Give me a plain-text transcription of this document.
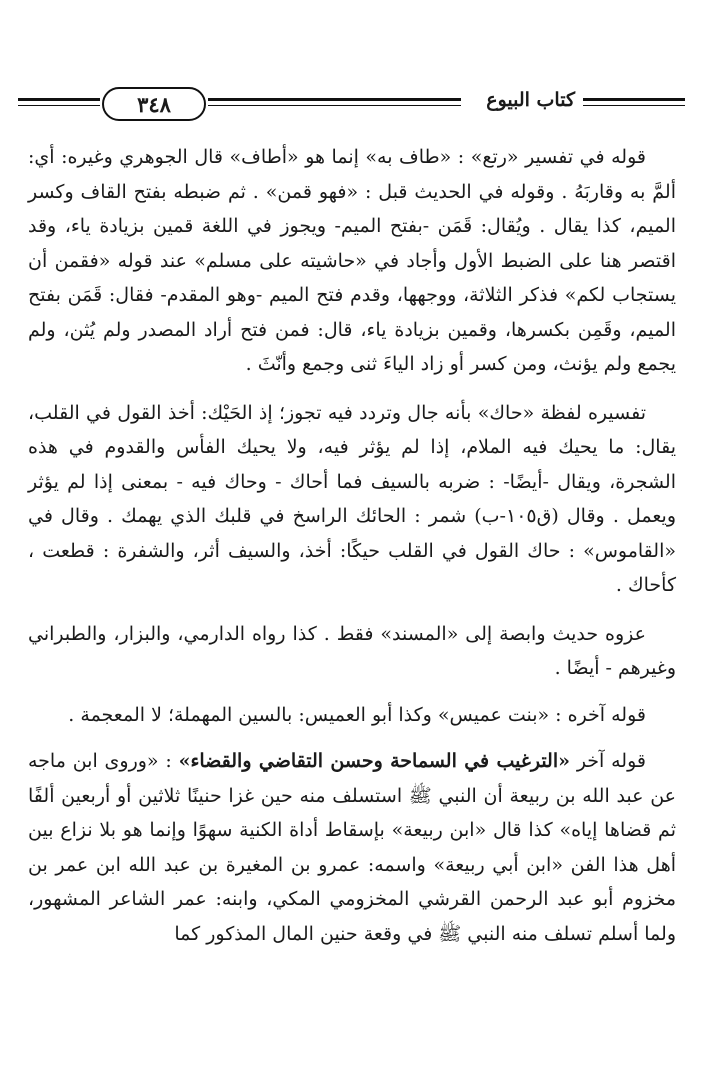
٣٤٨	كتاب البيوع

قوله في تفسير «رتع» : «طاف به» إنما هو «أطاف» قال الجوهري وغيره: أي: ألمَّ به وقاربَهُ . وقوله في الحديث قبل : «فهو قمن» . ثم ضبطه بفتح القاف وكسر الميم، كذا يقال . ويُقال: قَمَن -بفتح الميم- ويجوز في اللغة قمين بزيادة ياء، وقد اقتصر هنا على الضبط الأول وأجاد في «حاشيته على مسلم» عند قوله «فقمن أن يستجاب لكم» فذكر الثلاثة، ووجهها، وقدم فتح الميم -وهو المقدم- فقال: قَمَن بفتح الميم، وقَمِن بكسرها، وقمين بزيادة ياء، قال: فمن فتح أراد المصدر ولم يُثن، ولم يجمع ولم يؤنث، ومن كسر أو زاد الياءَ ثنى وجمع وأنّثَ .

تفسيره لفظة «حاك» بأنه جال وتردد فيه تجوز؛ إذ الحَيْك: أخذ القول في القلب، يقال: ما يحيك فيه الملام، إذا لم يؤثر فيه، ولا يحيك الفأس والقدوم في هذه الشجرة، ويقال -أيضًا- : ضربه بالسيف فما أحاك - وحاك فيه - بمعنى إذا لم يؤثر ويعمل . وقال (ق١٠٥-ب) شمر : الحائك الراسخ في قلبك الذي يهمك . وقال في «القاموس» : حاك القول في القلب حيكًا: أخذ، والسيف أثر، والشفرة : قطعت ، كأحاك .

عزوه حديث وابصة إلى «المسند» فقط . كذا رواه الدارمي، والبزار، والطبراني وغيرهم - أيضًا .

قوله آخره : «بنت عميس» وكذا أبو العميس: بالسين المهملة؛ لا المعجمة .

قوله آخر «الترغيب في السماحة وحسن التقاضي والقضاء» : «وروى ابن ماجه عن عبد الله بن ربيعة أن النبي ﷺ استسلف منه حين غزا حنينًا ثلاثين أو أربعين ألفًا ثم قضاها إياه» كذا قال «ابن ربيعة» بإسقاط أداة الكنية سهوًا وإنما هو بلا نزاع بين أهل هذا الفن «ابن أبي ربيعة» واسمه: عمرو بن المغيرة بن عبد الله ابن عمر بن مخزوم أبو عبد الرحمن القرشي المخزومي المكي، وابنه: عمر الشاعر المشهور، ولما أسلم تسلف منه النبي ﷺ في وقعة حنين المال المذكور كما
